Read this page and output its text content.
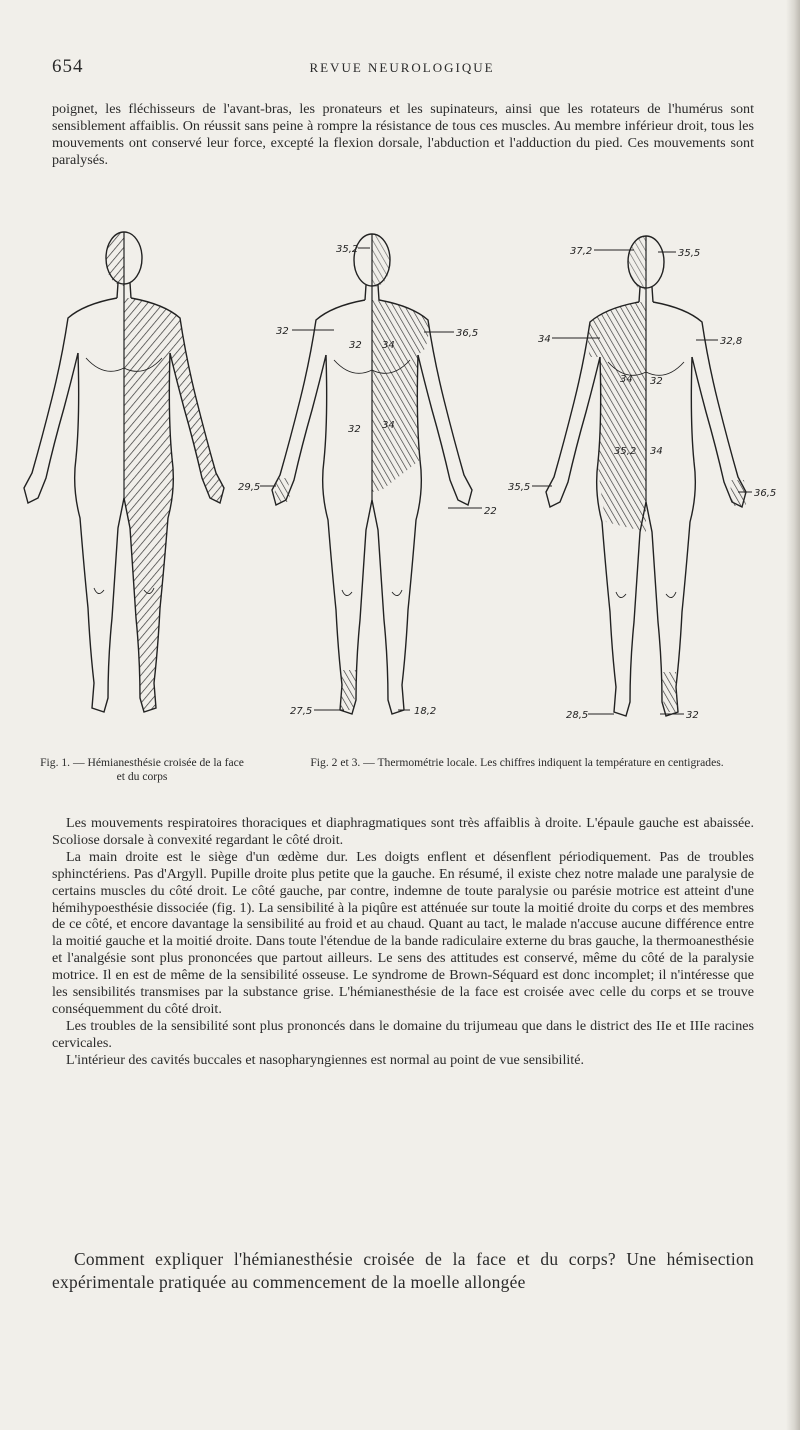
654	REVUE NEUROLOGIQUE

poignet, les fléchisseurs de l'avant-bras, les pronateurs et les supinateurs, ainsi que les rotateurs de l'humérus sont sensiblement affaiblis. On réussit sans peine à rompre la résistance de tous ces muscles. Au membre inférieur droit, tous les mouvements ont conservé leur force, excepté la flexion dorsale, l'abduction et l'adduction du pied. Ces mouvements sont paralysés.

35,2
32	36,5
32 34
32 34
29,5
22
27,5	18,2
37,2	35,5
34	32,8
34 32
35,2 34
35,5
36,5
28,5	32
Fig. 1. — Hémianesthésie croisée de la face et du corps
Fig. 2 et 3. — Thermométrie locale. Les chiffres indiquent la température en centigrades.

Les mouvements respiratoires thoraciques et diaphragmatiques sont très affaiblis à droite. L'épaule gauche est abaissée. Scoliose dorsale à convexité regardant le côté droit.

La main droite est le siège d'un œdème dur. Les doigts enflent et désenflent périodiquement. Pas de troubles sphinctériens. Pas d'Argyll. Pupille droite plus petite que la gauche. En résumé, il existe chez notre malade une paralysie de certains muscles du côté droit. Le côté gauche, par contre, indemne de toute paralysie ou parésie motrice est atteint d'une hémihypoesthésie dissociée (fig. 1). La sensibilité à la piqûre est atténuée sur toute la moitié droite du corps et des membres de ce côté, et encore davantage la sensibilité au froid et au chaud. Quant au tact, le malade n'accuse aucune différence entre la moitié gauche et la moitié droite. Dans toute l'étendue de la bande radiculaire externe du bras gauche, la thermoanesthésie et l'analgésie sont plus prononcées que partout ailleurs. Le sens des attitudes est conservé, même du côté de la paralysie motrice. Il en est de même de la sensibilité osseuse. Le syndrome de Brown-Séquard est donc incomplet; il n'intéresse que les sensibilités transmises par la substance grise. L'hémianesthésie de la face est croisée avec celle du corps et se trouve conséquemment du côté droit.

Les troubles de la sensibilité sont plus prononcés dans le domaine du trijumeau que dans le district des IIe et IIIe racines cervicales.

L'intérieur des cavités buccales et nasopharyngiennes est normal au point de vue sensibilité.

Comment expliquer l'hémianesthésie croisée de la face et du corps? Une hémisection expérimentale pratiquée au commencement de la moelle allongée
